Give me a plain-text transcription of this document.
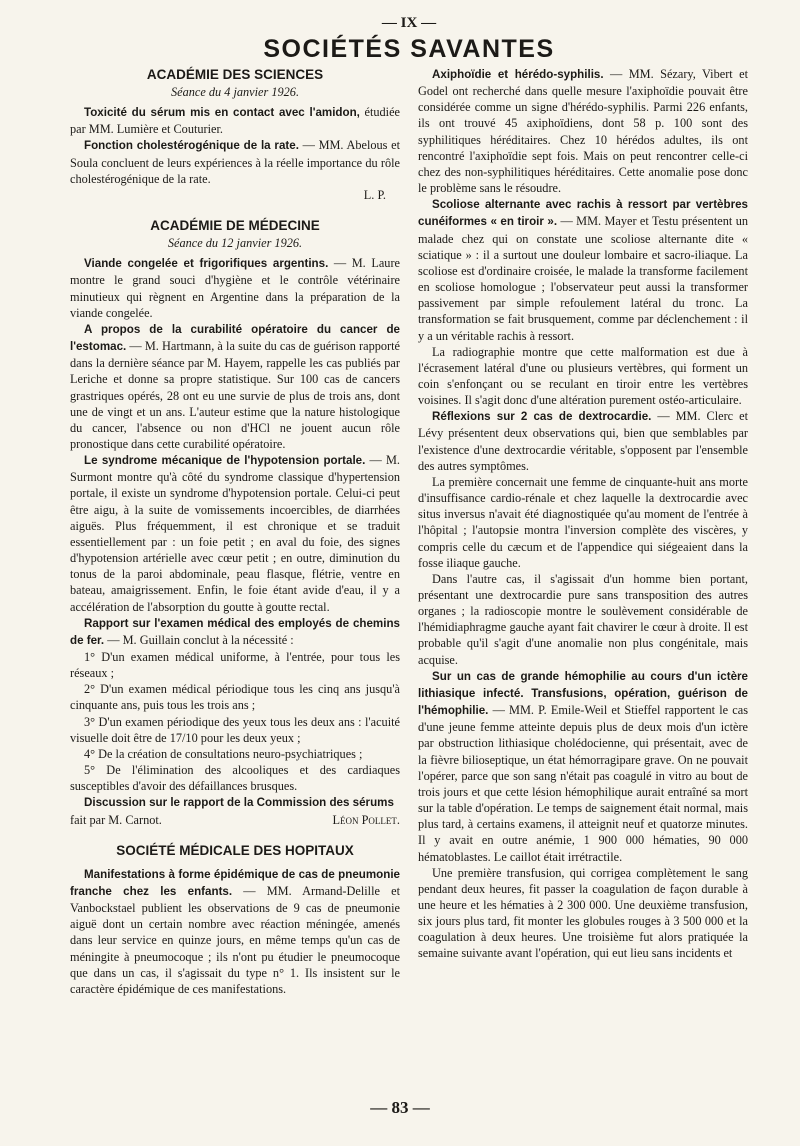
— IX —
SOCIÉTÉS SAVANTES
ACADÉMIE DES SCIENCES
Séance du 4 janvier 1926.

Toxicité du sérum mis en contact avec l'amidon, étudiée par MM. Lumière et Couturier.

Fonction cholestérogénique de la rate. — MM. Abelous et Soula concluent de leurs expériences à la réelle importance du rôle cholestérogénique de la rate.

L. P.

ACADÉMIE DE MÉDECINE
Séance du 12 janvier 1926.

Viande congelée et frigorifiques argentins. — M. Laure montre le grand souci d'hygiène et le contrôle vétérinaire minutieux qui règnent en Argentine dans la préparation de la viande congelée.

A propos de la curabilité opératoire du cancer de l'estomac. — M. Hartmann, à la suite du cas de guérison rapporté dans la dernière séance par M. Hayem, rappelle les cas publiés par Leriche et donne sa propre statistique. Sur 100 cas de cancers grastriques opérés, 28 ont eu une survie de plus de trois ans, dont une de vingt et un ans. L'auteur estime que la nature histologique du cancer, l'absence ou non d'HCl ne jouent aucun rôle pronostique dans cette curabilité opératoire.

Le syndrome mécanique de l'hypotension portale. — M. Surmont montre qu'à côté du syndrome classique d'hypertension portale, il existe un syndrome d'hypotension portale. Celui-ci peut être aigu, à la suite de vomissements incoercibles, de diarrhées aiguës. Plus fréquemment, il est chronique et se traduit essentiellement par : un foie petit ; en aval du foie, des signes d'hypotension artérielle avec cœur petit ; en outre, diminution du tonus de la paroi abdominale, peau flasque, flétrie, ventre en bateau, amaigrissement. Enfin, le foie étant avide d'eau, il y a accélération de l'absorption du goutte à goutte rectal.

Rapport sur l'examen médical des employés de chemins de fer. — M. Guillain conclut à la nécessité :

1° D'un examen médical uniforme, à l'entrée, pour tous les réseaux ;

2° D'un examen médical périodique tous les cinq ans jusqu'à cinquante ans, puis tous les trois ans ;

3° D'un examen périodique des yeux tous les deux ans : l'acuité visuelle doit être de 17/10 pour les deux yeux ;

4° De la création de consultations neuro-psychiatriques ;

5° De l'élimination des alcooliques et des cardiaques susceptibles d'avoir des défaillances brusques.

Discussion sur le rapport de la Commission des sérums

fait par M. Carnot.	Léon Pollet.

SOCIÉTÉ MÉDICALE DES HOPITAUX

Manifestations à forme épidémique de cas de pneumonie franche chez les enfants. — MM. Armand-Delille et Vanbockstael publient les observations de 9 cas de pneumonie aiguë dont un certain nombre avec réaction méningée, amenés dans leur service en quinze jours, en même temps qu'un cas de méningite à pneumocoque ; ils n'ont pu étudier le pneumocoque que dans un cas, il s'agissait du type n° 1. Ils insistent sur le caractère épidémique de ces manifestations.

Axiphoïdie et hérédo-syphilis. — MM. Sézary, Vibert et Godel ont recherché dans quelle mesure l'axiphoïdie pouvait être considérée comme un signe d'hérédo-syphilis. Parmi 226 enfants, ils ont trouvé 45 axiphoïdiens, dont 58 p. 100 sont des syphilitiques héréditaires. Chez 10 hérédos adultes, ils ont rencontré l'axiphoïdie sept fois. Mais on peut rencontrer celle-ci chez des non-syphilitiques héréditaires. Cette anomalie pose donc le problème sans le résoudre.

Scoliose alternante avec rachis à ressort par vertèbres cunéiformes « en tiroir ». — MM. Mayer et Testu présentent un malade chez qui on constate une scoliose alternante dite « sciatique » : il a surtout une douleur lombaire et sacro-iliaque. La scoliose est d'ordinaire croisée, le malade la transforme facilement en scoliose homologue ; l'observateur peut aussi la transformer passivement par simple refoulement latéral du tronc. La transformation se fait brusquement, comme par déclenchement : il y a un véritable rachis à ressort.

La radiographie montre que cette malformation est due à l'écrasement latéral d'une ou plusieurs vertèbres, qui forment un coin s'enfonçant ou se reculant en tiroir entre les vertèbres voisines. Il s'agit donc d'une altération purement ostéo-articulaire.

Réflexions sur 2 cas de dextrocardie. — MM. Clerc et Lévy présentent deux observations qui, bien que semblables par l'existence d'une dextrocardie véritable, s'opposent par l'ensemble des autres symptômes.

La première concernait une femme de cinquante-huit ans morte d'insuffisance cardio-rénale et chez laquelle la dextrocardie avec situs inversus n'avait été diagnostiquée qu'au moment de l'entrée à l'hôpital ; l'autopsie montra l'inversion complète des viscères, y compris celle du cæcum et de l'appendice qui siégeaient dans la fosse iliaque gauche.

Dans l'autre cas, il s'agissait d'un homme bien portant, présentant une dextrocardie pure sans transposition des autres organes ; la radioscopie montre le soulèvement considérable de l'hémidiaphragme gauche ayant fait chavirer le cœur à droite. Il est probable qu'il s'agit d'une anomalie non plus congénitale, mais acquise.

Sur un cas de grande hémophilie au cours d'un ictère lithiasique infecté. Transfusions, opération, guérison de l'hémophilie. — MM. P. Emile-Weil et Stieffel rapportent le cas d'une jeune femme atteinte depuis plus de deux mois d'un ictère par obstruction lithiasique cholédocienne, qui présentait, avec de la fièvre bilioseptique, un état hémorragipare grave. On ne pouvait l'opérer, parce que son sang n'était pas coagulé in vitro au bout de trois jours et que cette lésion hémophilique aurait entraîné sa mort sur la table d'opération. Le temps de saignement était normal, mais plus tard, à certains examens, il atteignit neuf et quatorze minutes. Il y avait en outre anémie, 1 900 000 hématies, 90 000 hématoblastes. Le caillot était irrétractile.

Une première transfusion, qui corrigea complètement le sang pendant deux heures, fit passer la coagulation de façon durable à une heure et les hématies à 2 300 000. Une deuxième transfusion, six jours plus tard, fit monter les globules rouges à 3 500 000 et la coagulation à deux heures. Une troisième fut alors pratiquée la semaine suivante avant l'opération, qui eut lieu sans incidents et

— 83 —
